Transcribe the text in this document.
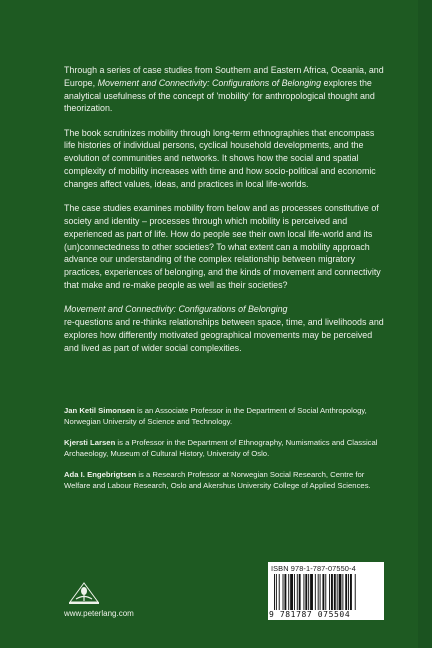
Through a series of case studies from Southern and Eastern Africa, Oceania, and Europe, Movement and Connectivity: Configurations of Belonging explores the analytical usefulness of the concept of 'mobility' for anthropological thought and theorization.

The book scrutinizes mobility through long-term ethnographies that encompass life histories of individual persons, cyclical household developments, and the evolution of communities and networks. It shows how the social and spatial complexity of mobility increases with time and how socio-political and economic changes affect values, ideas, and practices in local life-worlds.

The case studies examines mobility from below and as processes constitutive of society and identity – processes through which mobility is perceived and experienced as part of life. How do people see their own local life-world and its (un)connectedness to other societies? To what extent can a mobility approach advance our understanding of the complex relationship between migratory practices, experiences of belonging, and the kinds of movement and connectivity that make and re-make people as well as their societies?

Movement and Connectivity: Configurations of Belonging
re-questions and re-thinks relationships between space, time, and livelihoods and explores how differently motivated geographical movements may be perceived and lived as part of wider social complexities.

Jan Ketil Simonsen is an Associate Professor in the Department of Social Anthropology, Norwegian University of Science and Technology.

Kjersti Larsen is a Professor in the Department of Ethnography, Numismatics and Classical Archaeology, Museum of Cultural History, University of Oslo.

Ada I. Engebrigtsen is a Research Professor at Norwegian Social Research, Centre for Welfare and Labour Research, Oslo and Akershus University College of Applied Sciences.

www.peterlang.com
ISBN 978-1-787-07550-4
9 781787 075504
